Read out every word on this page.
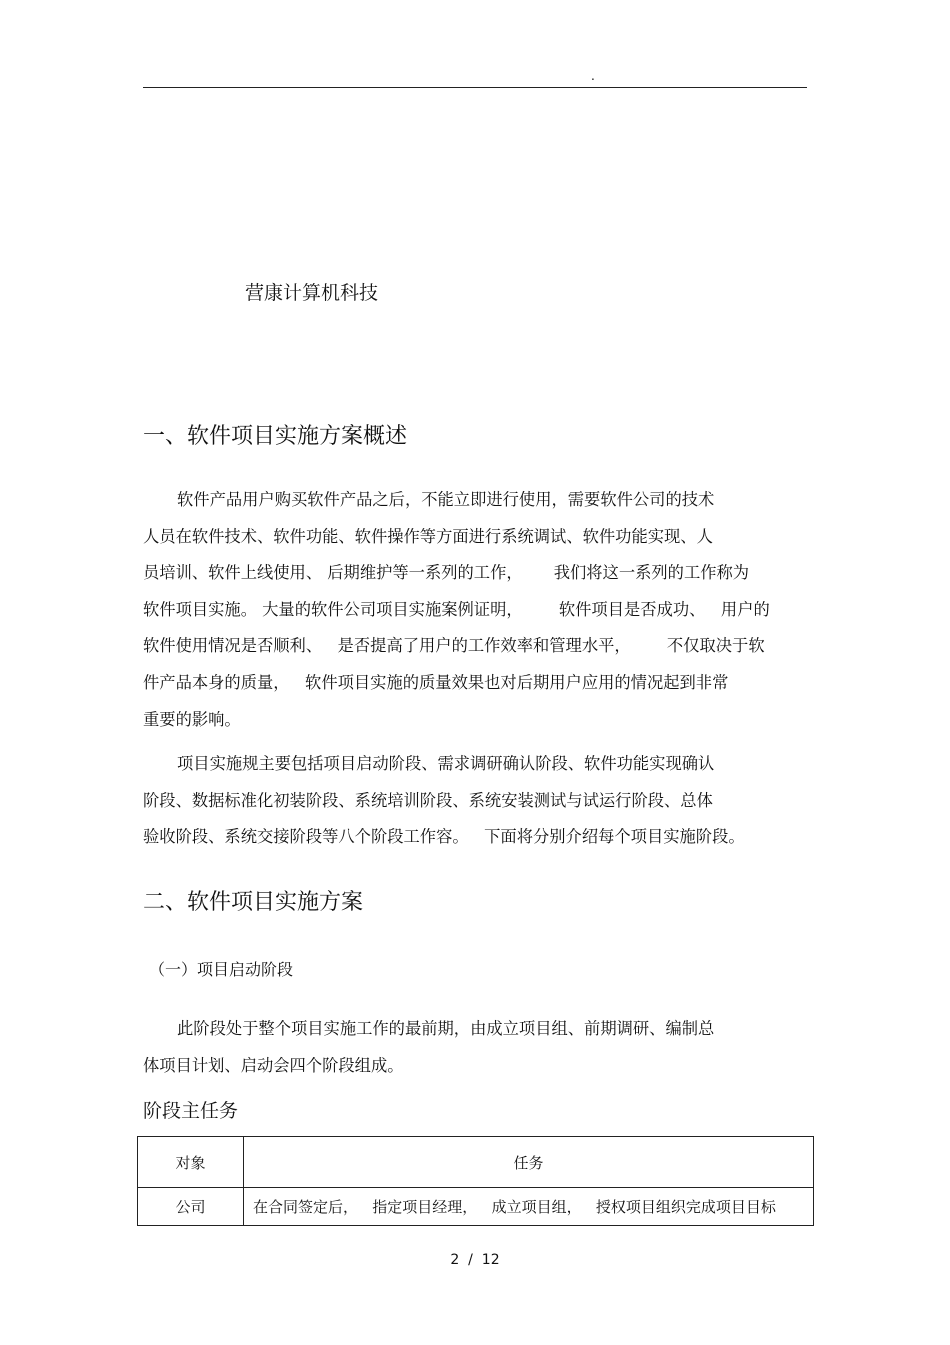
.
营康计算机科技
一、软件项目实施方案概述
软件产品用户购买软件产品之后，不能立即进行使用，需要软件公司的技术
人员在软件技术、软件功能、软件操作等方面进行系统调试、软件功能实现、人
员培训、软件上线使用、 后期维护等一系列的工作，      我们将这一系列的工作称为
软件项目实施。 大量的软件公司项目实施案例证明，       软件项目是否成功、   用户的
软件使用情况是否顺利、   是否提高了用户的工作效率和管理水平，       不仅取决于软
件产品本身的质量，   软件项目实施的质量效果也对后期用户应用的情况起到非常
重要的影响。
项目实施规主要包括项目启动阶段、需求调研确认阶段、软件功能实现确认
阶段、数据标准化初装阶段、系统培训阶段、系统安装测试与试运行阶段、总体
验收阶段、系统交接阶段等八个阶段工作容。   下面将分别介绍每个项目实施阶段。
二、软件项目实施方案
（一）项目启动阶段
此阶段处于整个项目实施工作的最前期，由成立项目组、前期调研、编制总
体项目计划、启动会四个阶段组成。
阶段主任务
对象	任务
公司	在合同签定后，   指定项目经理，   成立项目组，   授权项目组织完成项目目标
2  /  12
